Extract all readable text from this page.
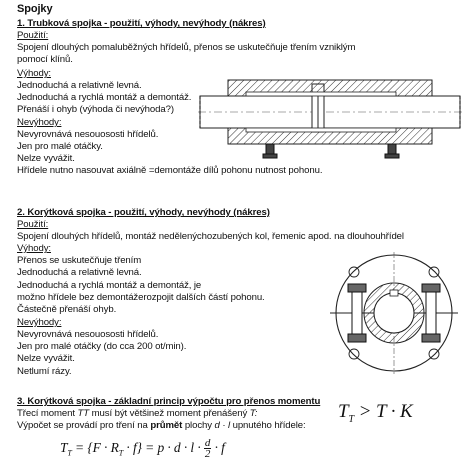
Spojky
1. Trubková spojka - použití, výhody, nevýhody (nákres)
Použití:
Spojení dlouhých pomaluběžných hřídelů, přenos se uskutečňuje třením vzniklým
pomocí klínů.
Výhody:
Jednoduchá a relativně levná.
Jednoduchá a rychlá montáž a demontáž.
Přenáší i ohyb (výhoda či nevýhoda?)
Nevýhody:
Nevyrovnává nesouososti hřídelů.
Jen pro malé otáčky.
Nelze vyvážit.
Hřídele nutno nasouvat axiálně =demontáže dílů pohonu nutnost pohonu.
2. Korýtková spojka - použití, výhody, nevýhody (nákres)
Použití:
Spojení dlouhých hřídelů, montáž nedělenýchozubených kol, řemenic apod. na dlouhouhřídel
Výhody:
Přenos se uskutečňuje třením
Jednoduchá a relativně levná.
Jednoduchá a rychlá montáž a demontáž, je
možno hřídele bez demontážerozpojit dalších částí pohonu.
Částečně přenáší ohyb.
Nevýhody:
Nevyrovnává nesouososti hřídelů.
Jen pro malé otáčky (do cca 200 ot/min).
Nelze vyvážit.
Netlumí rázy.
3. Korýtková spojka - základní princip výpočtu pro přenos momentu
Třecí moment TT musí být většinež moment přenášený T:
Výpočet se provádí pro tření na průmět plochy d · l upnutého hřídele:
$T_T > T \cdot K$
$T_T = \{F \cdot R_T \cdot f\} = p \cdot d \cdot l \cdot \frac{d}{2} \cdot f$
